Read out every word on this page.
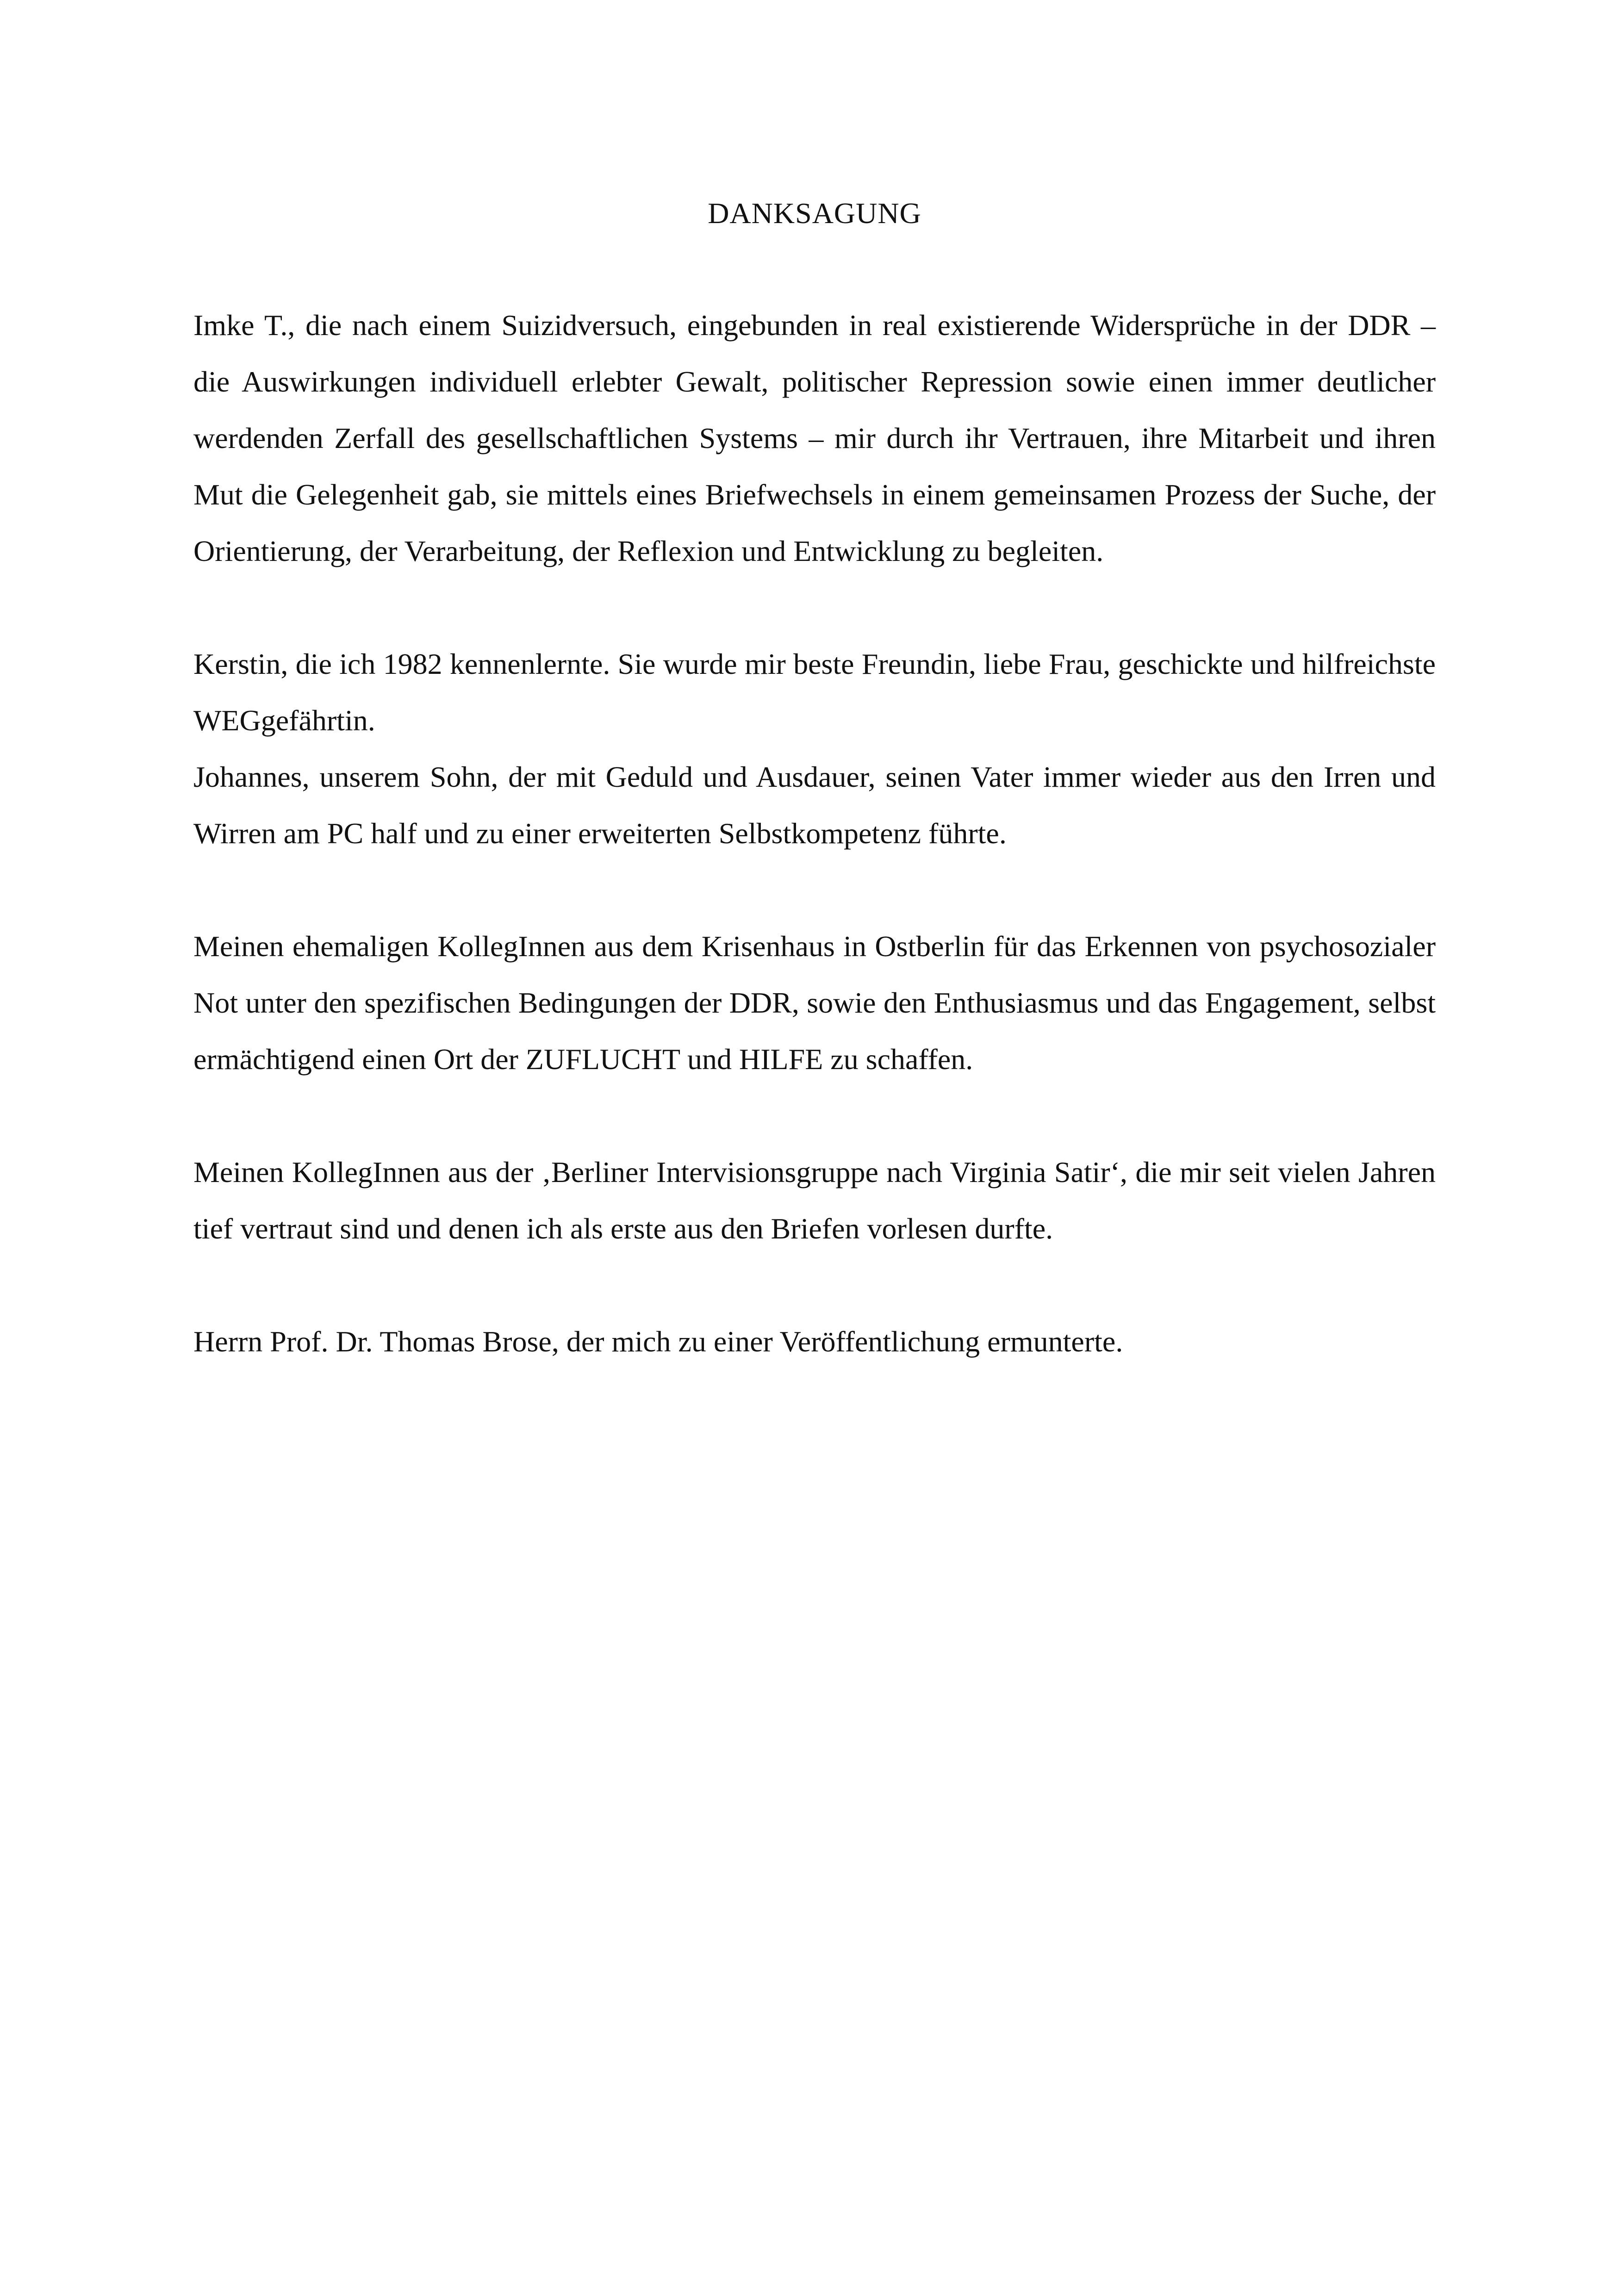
DANKSAGUNG

Imke T., die nach einem Suizidversuch, eingebunden in real existierende Widersprüche in der DDR – die Auswirkungen individuell erlebter Gewalt, politischer Repression sowie einen immer deutlicher werdenden Zerfall des gesellschaftlichen Systems – mir durch ihr Vertrauen, ihre Mitarbeit und ihren Mut die Gelegenheit gab, sie mittels eines Briefwechsels in einem gemeinsamen Prozess der Suche, der Orientierung, der Verarbeitung, der Reflexion und Entwicklung zu begleiten.

Kerstin, die ich 1982 kennenlernte. Sie wurde mir beste Freundin, liebe Frau, geschickte und hilfreichste WEGgefährtin.

Johannes, unserem Sohn, der mit Geduld und Ausdauer, seinen Vater immer wieder aus den Irren und Wirren am PC half und zu einer erweiterten Selbstkompetenz führte.

Meinen ehemaligen KollegInnen aus dem Krisenhaus in Ostberlin für das Erkennen von psychosozialer Not unter den spezifischen Bedingungen der DDR, sowie den Enthusiasmus und das Engagement, selbst ermächtigend einen Ort der ZUFLUCHT und HILFE zu schaffen.

Meinen KollegInnen aus der ‚Berliner Intervisionsgruppe nach Virginia Satir‘, die mir seit vielen Jahren tief vertraut sind und denen ich als erste aus den Briefen vorlesen durfte.

Herrn Prof. Dr. Thomas Brose, der mich zu einer Veröffentlichung ermunterte.
